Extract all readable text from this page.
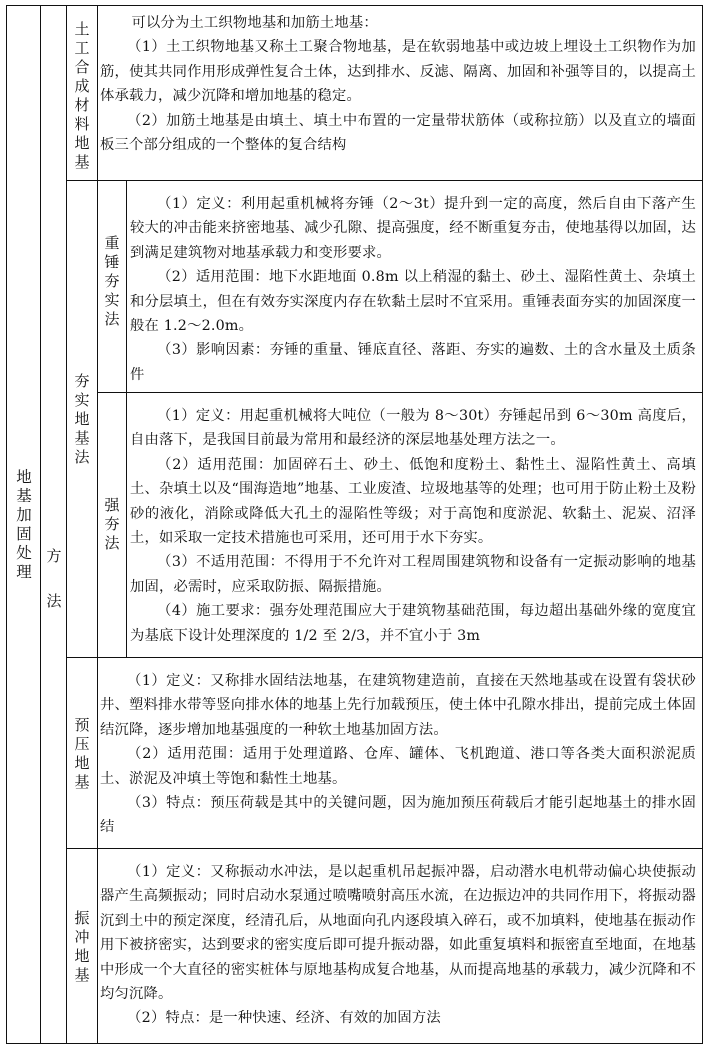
地基加固处理
方
法
土工合成材料地基
夯实地基法
预压地基
振冲地基
重锤夯实法
强夯法

可以分为土工织物地基和加筋土地基：

（1）土工织物地基又称土工聚合物地基，是在软弱地基中或边坡上埋设土工织物作为加筋，使其共同作用形成弹性复合土体，达到排水、反滤、隔离、加固和补强等目的，以提高土体承载力，减少沉降和增加地基的稳定。

（2）加筋土地基是由填土、填土中布置的一定量带状筋体（或称拉筋）以及直立的墙面板三个部分组成的一个整体的复合结构

（1）定义：利用起重机械将夯锤（2～3t）提升到一定的高度，然后自由下落产生较大的冲击能来挤密地基、减少孔隙、提高强度，经不断重复夯击，使地基得以加固，达到满足建筑物对地基承载力和变形要求。

（2）适用范围：地下水距地面 0.8m 以上稍湿的黏土、砂土、湿陷性黄土、杂填土和分层填土，但在有效夯实深度内存在软黏土层时不宜采用。重锤表面夯实的加固深度一般在 1.2～2.0m。

（3）影响因素：夯锤的重量、锤底直径、落距、夯实的遍数、土的含水量及土质条件

（1）定义：用起重机械将大吨位（一般为 8～30t）夯锤起吊到 6～30m 高度后，自由落下，是我国目前最为常用和最经济的深层地基处理方法之一。

（2）适用范围：加固碎石土、砂土、低饱和度粉土、黏性土、湿陷性黄土、高填土、杂填土以及“围海造地”地基、工业废渣、垃圾地基等的处理；也可用于防止粉土及粉砂的液化，消除或降低大孔土的湿陷性等级；对于高饱和度淤泥、软黏土、泥炭、沼泽土，如采取一定技术措施也可采用，还可用于水下夯实。

（3）不适用范围：不得用于不允许对工程周围建筑物和设备有一定振动影响的地基加固，必需时，应采取防振、隔振措施。

（4）施工要求：强夯处理范围应大于建筑物基础范围，每边超出基础外缘的宽度宜为基底下设计处理深度的 1/2 至 2/3，并不宜小于 3m

（1）定义：又称排水固结法地基，在建筑物建造前，直接在天然地基或在设置有袋状砂井、塑料排水带等竖向排水体的地基上先行加载预压，使土体中孔隙水排出，提前完成土体固结沉降，逐步增加地基强度的一种软土地基加固方法。

（2）适用范围：适用于处理道路、仓库、罐体、飞机跑道、港口等各类大面积淤泥质土、淤泥及冲填土等饱和黏性土地基。

（3）特点：预压荷载是其中的关键问题，因为施加预压荷载后才能引起地基土的排水固结

（1）定义：又称振动水冲法，是以起重机吊起振冲器，启动潜水电机带动偏心块使振动器产生高频振动；同时启动水泵通过喷嘴喷射高压水流，在边振边冲的共同作用下，将振动器沉到土中的预定深度，经清孔后，从地面向孔内逐段填入碎石，或不加填料，使地基在振动作用下被挤密实，达到要求的密实度后即可提升振动器，如此重复填料和振密直至地面，在地基中形成一个大直径的密实桩体与原地基构成复合地基，从而提高地基的承载力，减少沉降和不均匀沉降。

（2）特点：是一种快速、经济、有效的加固方法
